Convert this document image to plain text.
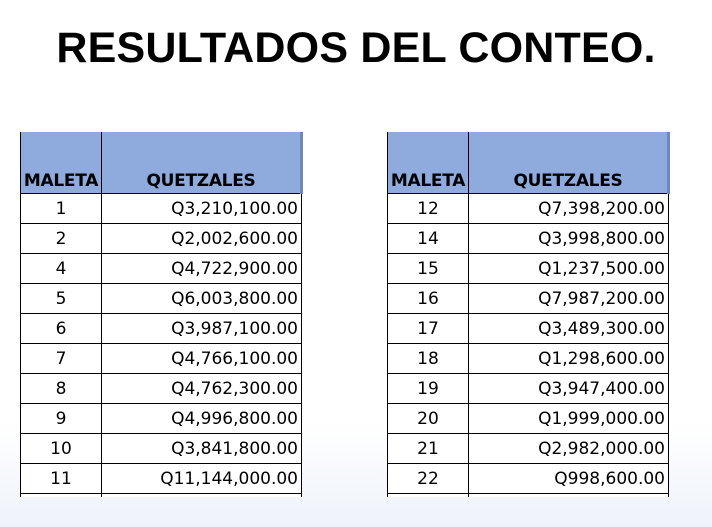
RESULTADOS DEL CONTEO.
MALETA	QUETZALES
1	Q3,210,100.00
2	Q2,002,600.00
4	Q4,722,900.00
5	Q6,003,800.00
6	Q3,987,100.00
7	Q4,766,100.00
8	Q4,762,300.00
9	Q4,996,800.00
10	Q3,841,800.00
11	Q11,144,000.00

MALETA	QUETZALES
12	Q7,398,200.00
14	Q3,998,800.00
15	Q1,237,500.00
16	Q7,987,200.00
17	Q3,489,300.00
18	Q1,298,600.00
19	Q3,947,400.00
20	Q1,999,000.00
21	Q2,982,000.00
22	Q998,600.00
